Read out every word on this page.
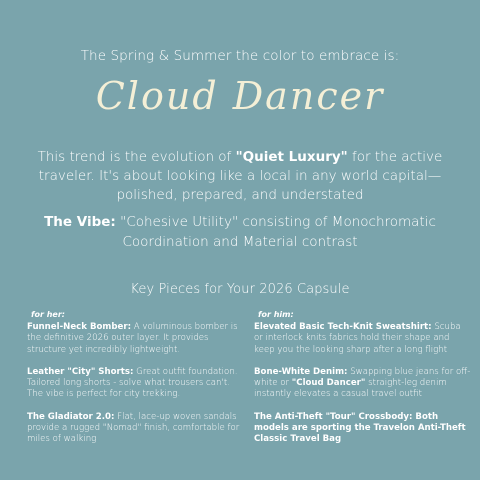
The Spring & Summer the color to embrace is:
Cloud Dancer
This trend is the evolution of "Quiet Luxury" for the active traveler. It's about looking like a local in any world capital—polished, prepared, and understated
The Vibe: "Cohesive Utility" consisting of Monochromatic Coordination and Material contrast
Key Pieces for Your 2026 Capsule
for her:
Funnel-Neck Bomber: A voluminous bomber is the definitive 2026 outer layer. It provides structure yet incredibly lightweight.
Leather "City" Shorts: Great outfit foundation. Tailored long shorts - solve what trousers can't. The vibe is perfect for city trekking.
The Gladiator 2.0: Flat, lace-up woven sandals provide a rugged "Nomad" finish, comfortable for miles of walking
for him:
Elevated Basic Tech-Knit Sweatshirt: Scuba or interlock knits fabrics hold their shape and keep you the looking sharp after a long flight
Bone-White Denim: Swapping blue jeans for off-white or "Cloud Dancer" straight-leg denim instantly elevates a casual travel outfit
The Anti-Theft "Tour" Crossbody: Both models are sporting the Travelon Anti-Theft Classic Travel Bag
